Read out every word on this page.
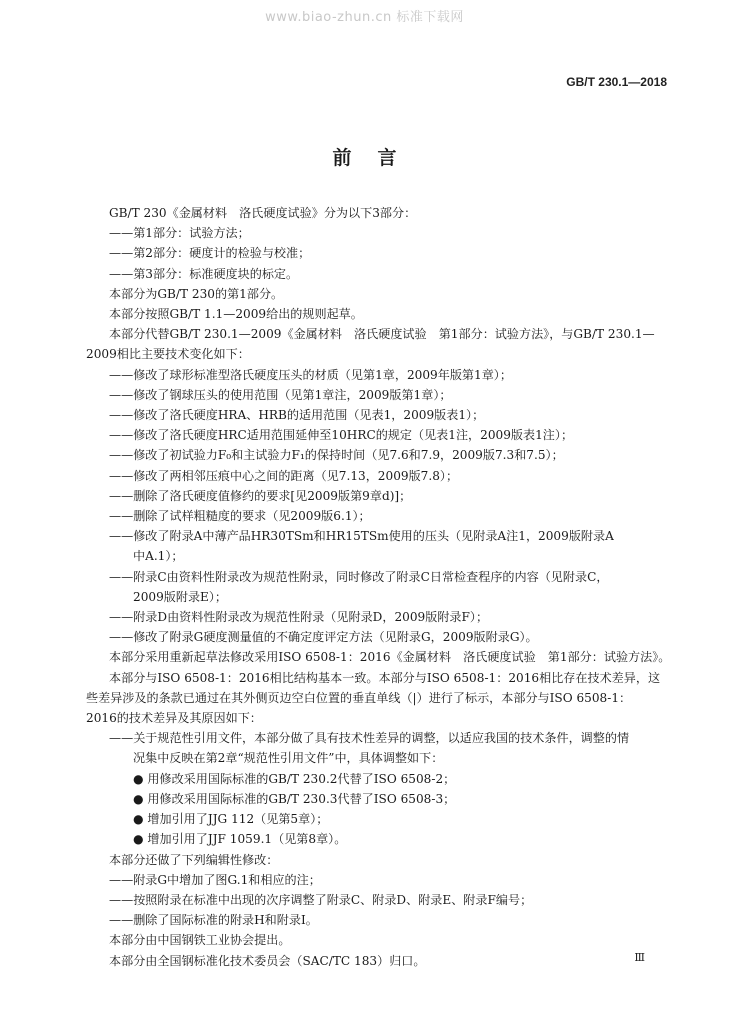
www.biao-zhun.cn 标准下载网
GB/T 230.1—2018
前言

GB/T 230《金属材料　洛氏硬度试验》分为以下3部分：

——第1部分：试验方法；

——第2部分：硬度计的检验与校准；

——第3部分：标准硬度块的标定。

本部分为GB/T 230的第1部分。

本部分按照GB/T 1.1—2009给出的规则起草。

本部分代替GB/T 230.1—2009《金属材料　洛氏硬度试验　第1部分：试验方法》，与GB/T 230.1—

2009相比主要技术变化如下：

——修改了球形标准型洛氏硬度压头的材质（见第1章，2009年版第1章）；

——修改了钢球压头的使用范围（见第1章注，2009版第1章）；

——修改了洛氏硬度HRA、HRB的适用范围（见表1，2009版表1）；

——修改了洛氏硬度HRC适用范围延伸至10HRC的规定（见表1注，2009版表1注）；

——修改了初试验力F₀和主试验力F₁的保持时间（见7.6和7.9，2009版7.3和7.5）；

——修改了两相邻压痕中心之间的距离（见7.13，2009版7.8）；

——删除了洛氏硬度值修约的要求[见2009版第9章d)]；

——删除了试样粗糙度的要求（见2009版6.1）；

——修改了附录A中薄产品HR30TSm和HR15TSm使用的压头（见附录A注1，2009版附录A

中A.1）；

——附录C由资料性附录改为规范性附录，同时修改了附录C日常检查程序的内容（见附录C，

2009版附录E）；

——附录D由资料性附录改为规范性附录（见附录D，2009版附录F）；

——修改了附录G硬度测量值的不确定度评定方法（见附录G，2009版附录G）。

本部分采用重新起草法修改采用ISO 6508-1：2016《金属材料　洛氏硬度试验　第1部分：试验方法》。

本部分与ISO 6508-1：2016相比结构基本一致。本部分与ISO 6508-1：2016相比存在技术差异，这

些差异涉及的条款已通过在其外侧页边空白位置的垂直单线（|）进行了标示，本部分与ISO 6508-1：

2016的技术差异及其原因如下：

——关于规范性引用文件，本部分做了具有技术性差异的调整，以适应我国的技术条件，调整的情

况集中反映在第2章“规范性引用文件”中，具体调整如下：

● 用修改采用国际标准的GB/T 230.2代替了ISO 6508-2；

● 用修改采用国际标准的GB/T 230.3代替了ISO 6508-3；

● 增加引用了JJG 112（见第5章）；

● 增加引用了JJF 1059.1（见第8章）。

本部分还做了下列编辑性修改：

——附录G中增加了图G.1和相应的注；

——按照附录在标准中出现的次序调整了附录C、附录D、附录E、附录F编号；

——删除了国际标准的附录H和附录I。

本部分由中国钢铁工业协会提出。

本部分由全国钢标准化技术委员会（SAC/TC 183）归口。	Ⅲ
